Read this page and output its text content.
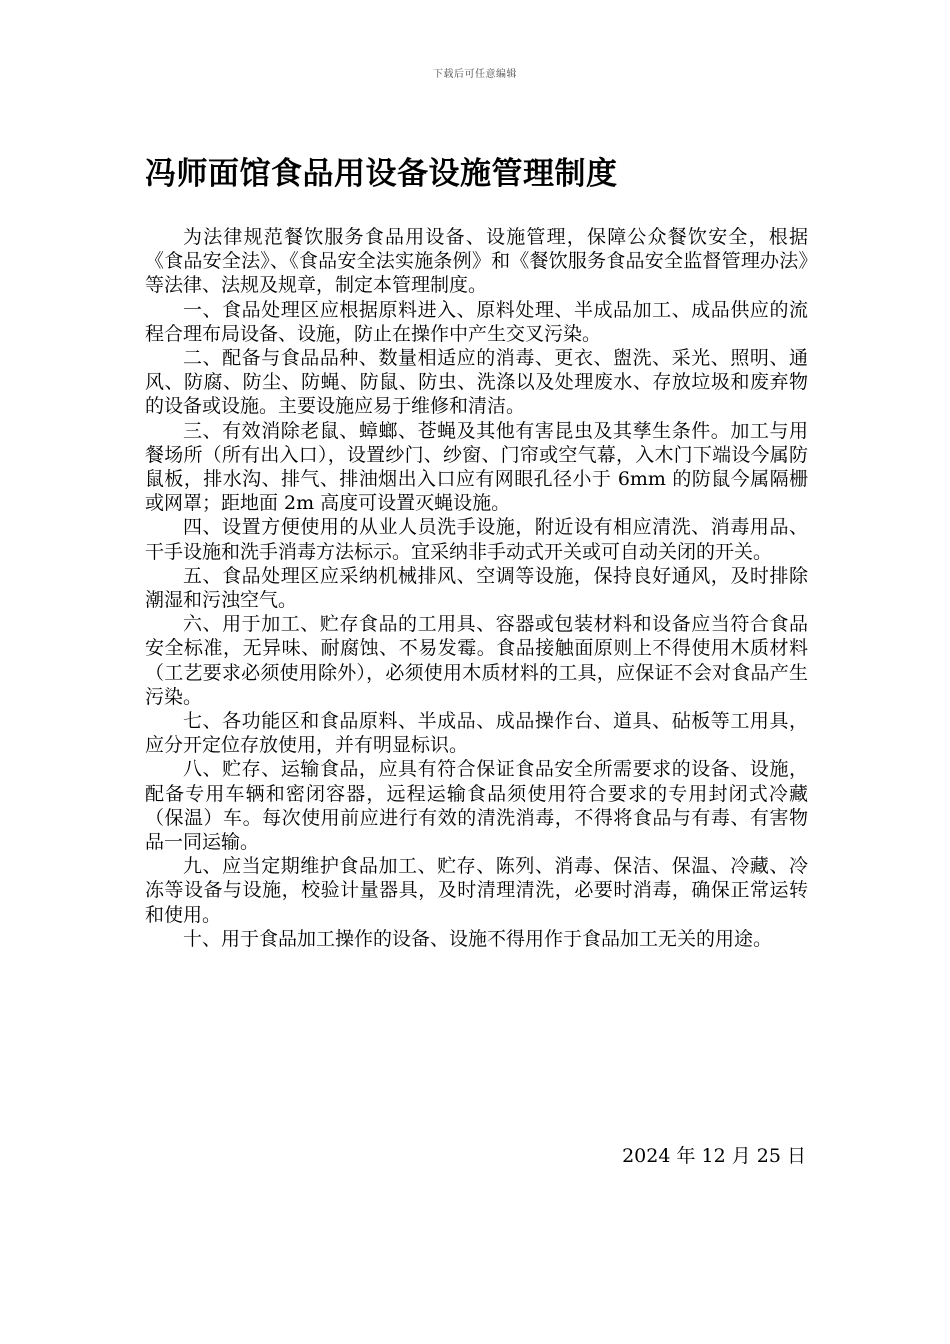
下载后可任意编辑
冯师面馆食品用设备设施管理制度

为法律规范餐饮服务食品用设备、设施管理，保障公众餐饮安全，根据《食品安全法》、《食品安全法实施条例》和《餐饮服务食品安全监督管理办法》等法律、法规及规章，制定本管理制度。

一、食品处理区应根据原料进入、原料处理、半成品加工、成品供应的流程合理布局设备、设施，防止在操作中产生交叉污染。

二、配备与食品品种、数量相适应的消毒、更衣、盥洗、采光、照明、通风、防腐、防尘、防蝇、防鼠、防虫、洗涤以及处理废水、存放垃圾和废弃物的设备或设施。主要设施应易于维修和清洁。

三、有效消除老鼠、蟑螂、苍蝇及其他有害昆虫及其孳生条件。加工与用餐场所（所有出入口），设置纱门、纱窗、门帘或空气幕，入木门下端设今属防鼠板，排水沟、排气、排油烟出入口应有网眼孔径小于 6mm 的防鼠今属隔栅或网罩；距地面 2m 高度可设置灭蝇设施。

四、设置方便使用的从业人员洗手设施，附近设有相应清洗、消毒用品、干手设施和洗手消毒方法标示。宜采纳非手动式开关或可自动关闭的开关。

五、食品处理区应采纳机械排风、空调等设施，保持良好通风，及时排除潮湿和污浊空气。

六、用于加工、贮存食品的工用具、容器或包装材料和设备应当符合食品安全标准，无异味、耐腐蚀、不易发霉。食品接触面原则上不得使用木质材料（工艺要求必须使用除外），必须使用木质材料的工具，应保证不会对食品产生污染。

七、各功能区和食品原料、半成品、成品操作台、道具、砧板等工用具，应分开定位存放使用，并有明显标识。

八、贮存、运输食品，应具有符合保证食品安全所需要求的设备、设施，配备专用车辆和密闭容器，远程运输食品须使用符合要求的专用封闭式冷藏（保温）车。每次使用前应进行有效的清洗消毒，不得将食品与有毒、有害物品一同运输。

九、应当定期维护食品加工、贮存、陈列、消毒、保洁、保温、冷藏、冷冻等设备与设施，校验计量器具，及时清理清洗，必要时消毒，确保正常运转和使用。

十、用于食品加工操作的设备、设施不得用作于食品加工无关的用途。

2024 年 12 月 25 日
